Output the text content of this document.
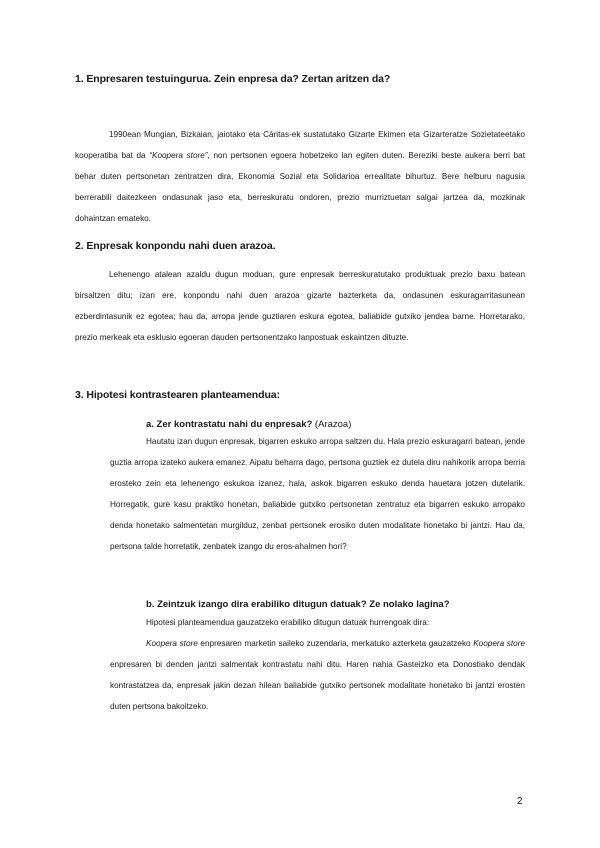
1. Enpresaren testuingurua. Zein enpresa da? Zertan aritzen da?

1990ean Mungian, Bizkaian, jaiotako eta Cáritas-ek sustatutako Gizarte Ekimen eta Gizarteratze Sozietateetako kooperatiba bat da “Koopera store”, non pertsonen egoera hobetzeko lan egiten duten. Bereziki beste aukera berri bat behar duten pertsonetan zentratzen dira, Ekonomia Sozial eta Solidarioa errealitate bihurtuz. Bere helburu nagusia berrerabili daitezkeen ondasunak jaso eta, berreskuratu ondoren, prezio murriztuetan salgai jartzea da, mozkinak dohaintzan emateko.

2. Enpresak konpondu nahi duen arazoa.

Lehenengo atalean azaldu dugun moduan, gure enpresak berreskuratutako produktuak prezio baxu batean birsaltzen ditu; izan ere, konpondu nahi duen arazoa gizarte bazterketa da, ondasunen eskuragarritasunean ezberdintasunik ez egotea; hau da, arropa jende guztiaren eskura egotea, baliabide gutxiko jendea barne. Horretarako, prezio merkeak eta esklusio egoeran dauden pertsonentzako lanpostuak eskaintzen dituzte.

3. Hipotesi kontrastearen planteamendua:
a. Zer kontrastatu nahi du enpresak? (Arazoa)

Hautatu izan dugun enpresak, bigarren eskuko arropa saltzen du. Hala prezio eskuragarri batean, jende guztia arropa izateko aukera emanez. Aipatu beharra dago, pertsona guztiek ez dutela diru nahikorik arropa berria erosteko zein eta lehenengo eskukoa izanez, hala, askok bigarren eskuko denda hauetara jotzen dutelarik. Horregatik, gure kasu praktiko honetan, baliabide gutxiko pertsonetan zentratuz eta bigarren eskuko arropako denda honetako salmentetan murgilduz, zenbat pertsonek erosiko duten modalitate honetako bi jantzi. Hau da, pertsona talde horretatik, zenbatek izango du eros-ahalmen hori?

b. Zeintzuk izango dira erabiliko ditugun datuak? Ze nolako lagina?

Hipotesi planteamendua gauzatzeko erabiliko ditugun datuak hurrengoak dira:

Koopera store enpresaren marketin saileko zuzendaria, merkatuko azterketa gauzatzeko Koopera store enpresaren bi denden jantzi salmentak kontrastatu nahi ditu. Haren nahia Gasteizko eta Donostiako dendak kontrastatzea da, enpresak jakin dezan hilean baliabide gutxiko pertsonek modalitate honetako bi jantzi erosten duten pertsona bakoitzeko.

2
